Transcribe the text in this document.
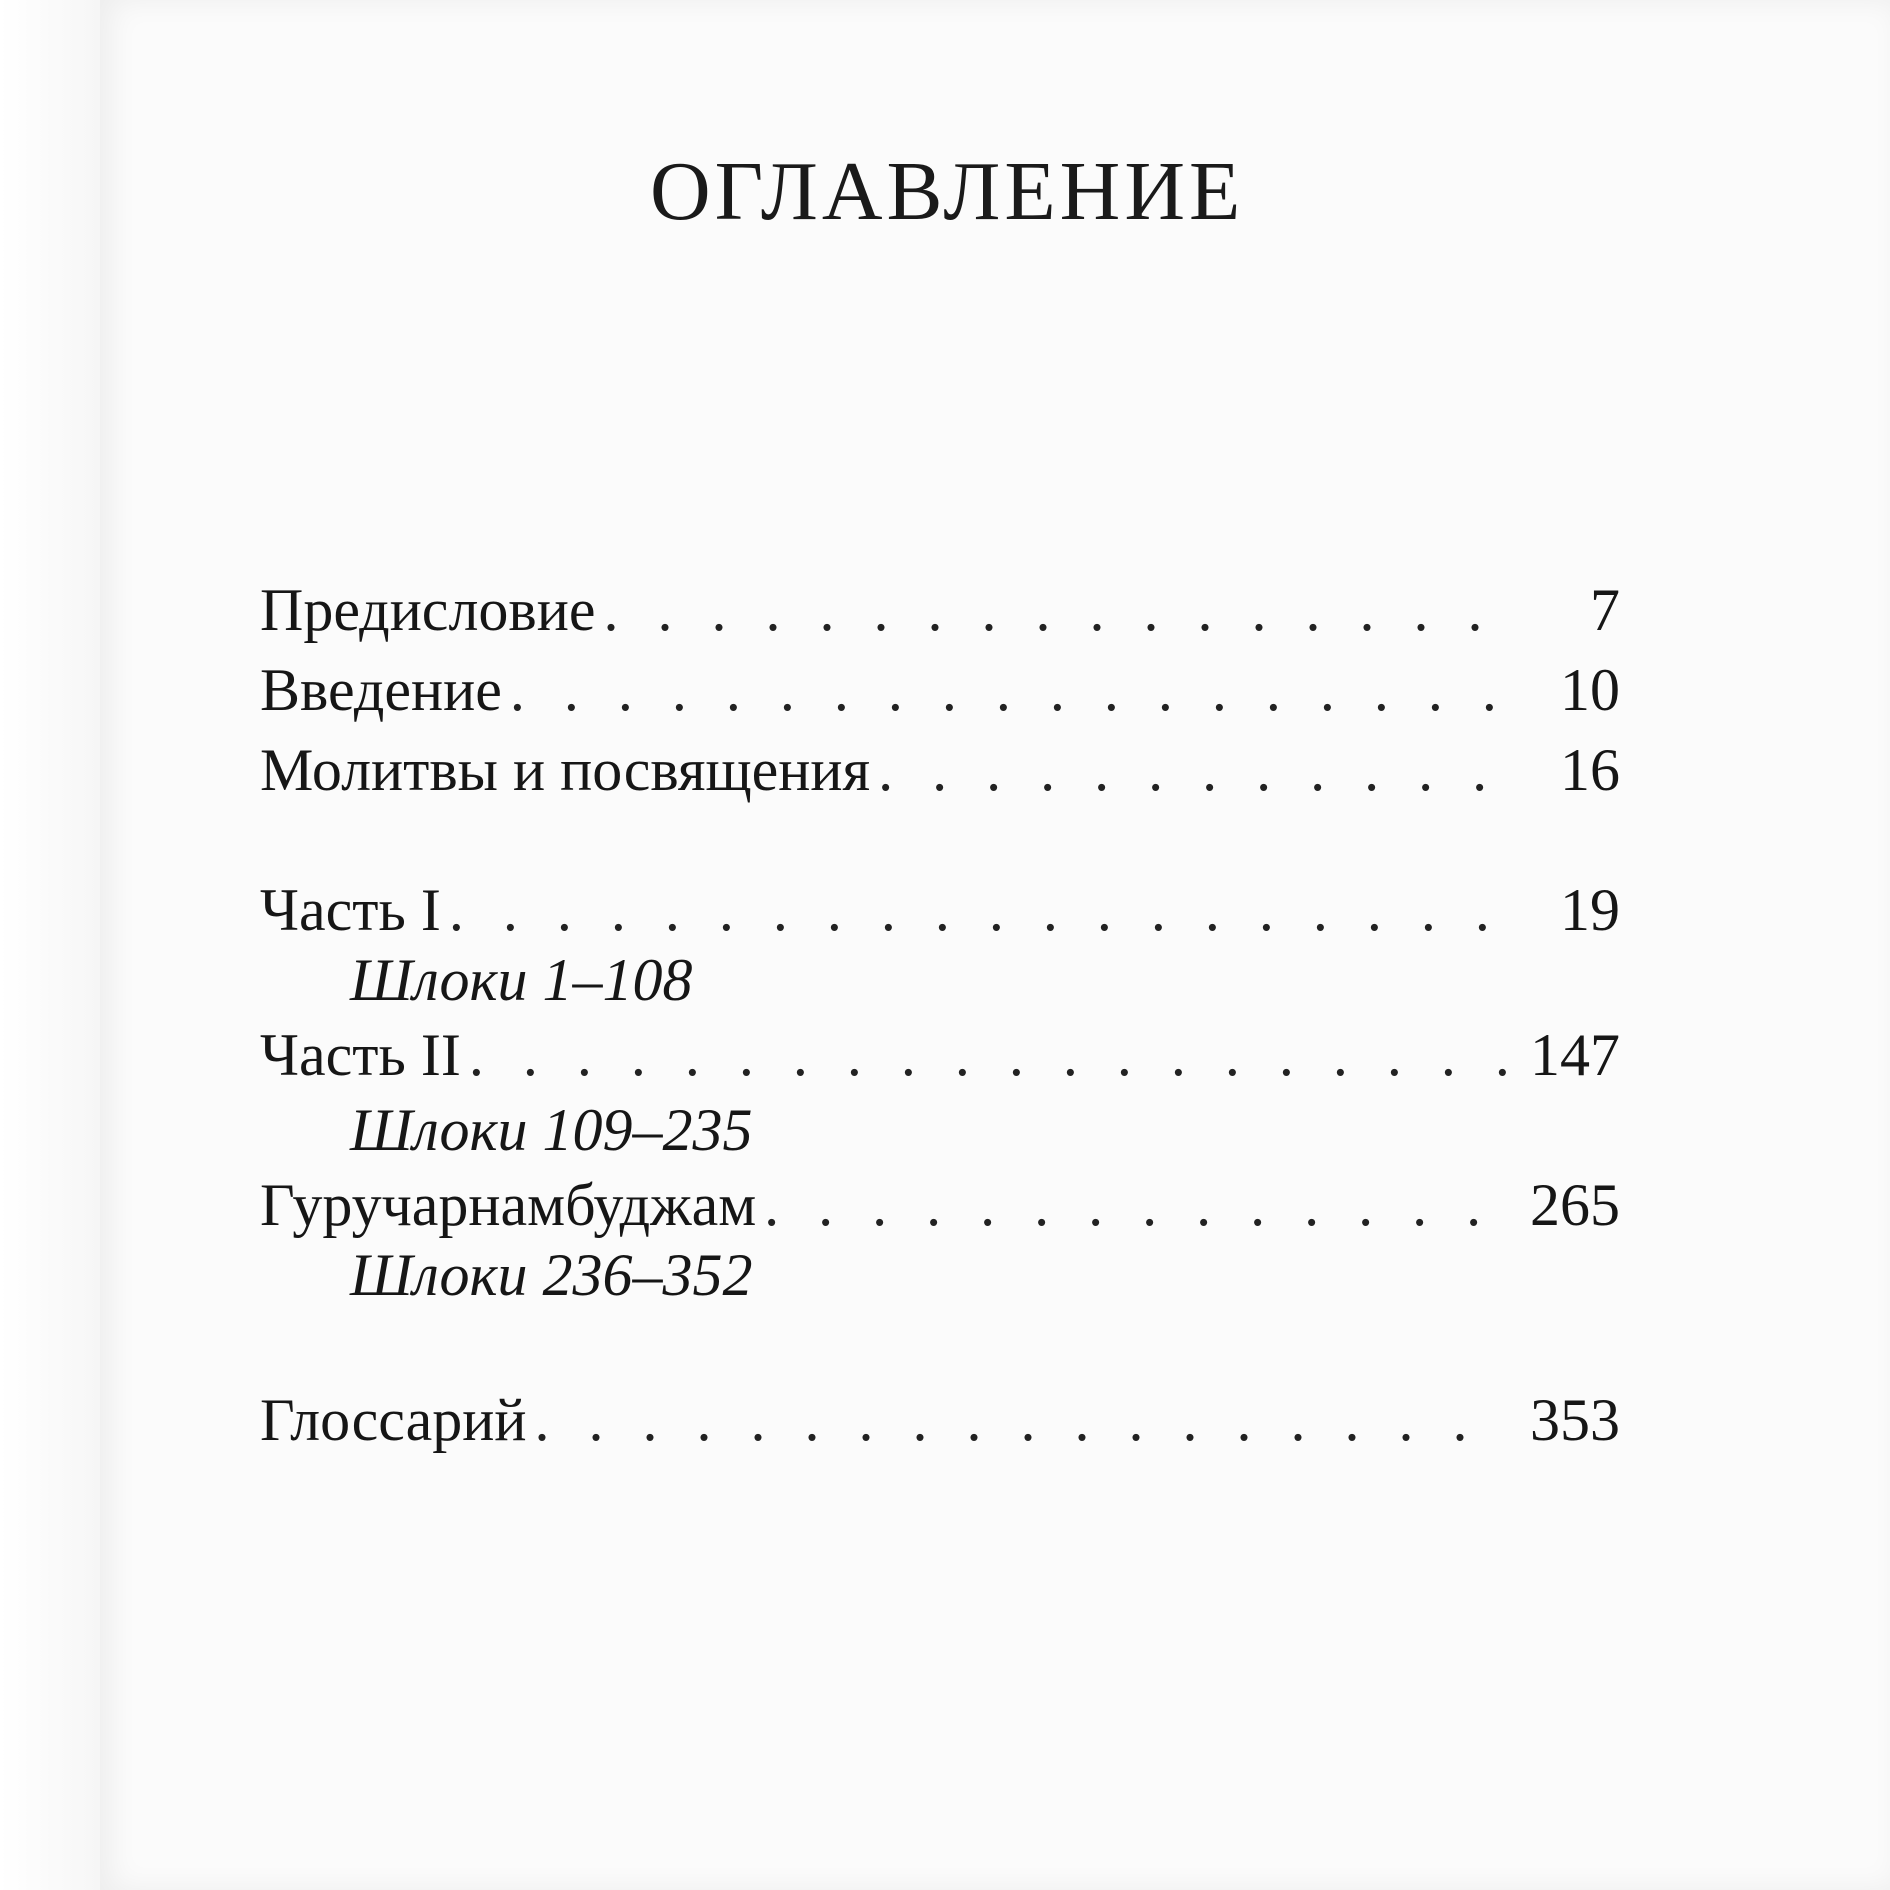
ОГЛАВЛЕНИЕ
Предисловие . . .	7
Введение . . .	10
Молитвы и посвящения . . .	16
Часть I . . .	19
Шлоки 1–108
Часть II . . .	147
Шлоки 109–235
Гуручарнамбуджам . . .	265
Шлоки 236–352
Глоссарий . . .	353
